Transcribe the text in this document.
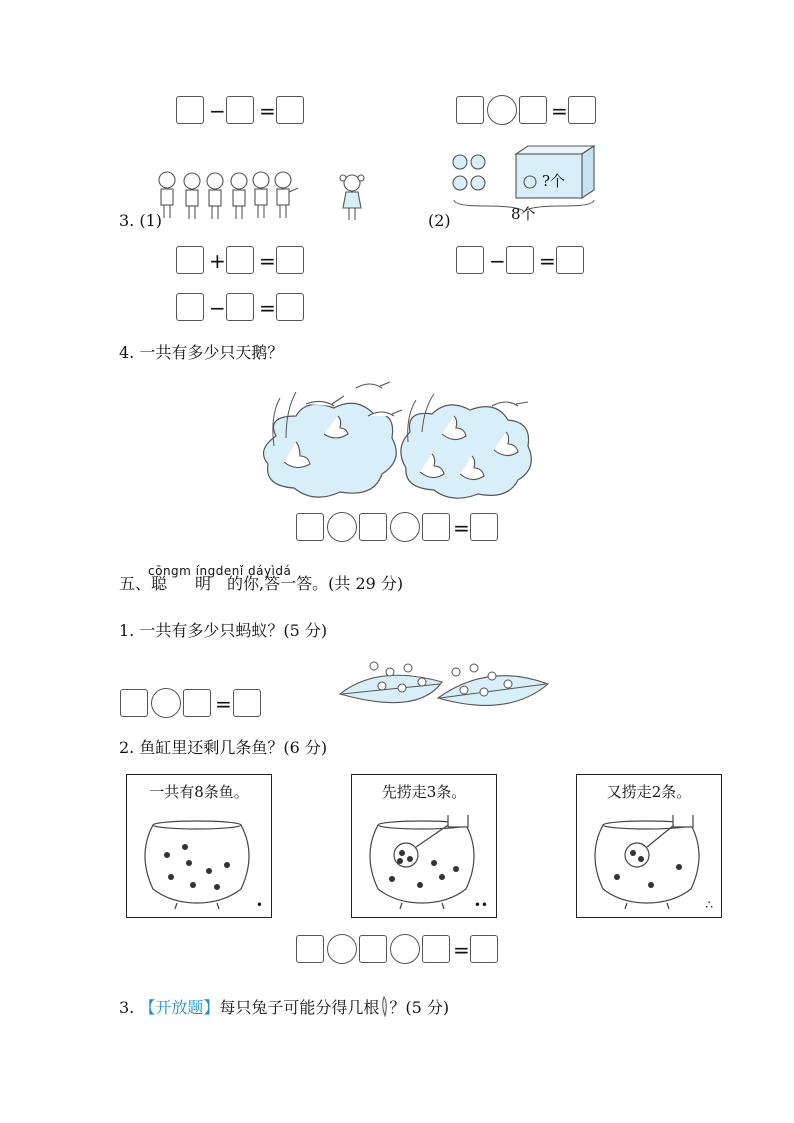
− =	=
3. (1)	(2)
?个
8个
+ =
− =
− =
4. 一共有多少只天鹅？
=
cōngm íngdenǐ dáyìdá
五、聪 明 的你,答一答。(共 29 分)
1. 一共有多少只蚂蚁？(5 分)
=
2. 鱼缸里还剩几条鱼？(6 分)
一共有8条鱼。
•
先捞走3条。
••
又捞走2条。
∴
=
3. 【开放题】每只兔子可能分得几根 ？(5 分)
